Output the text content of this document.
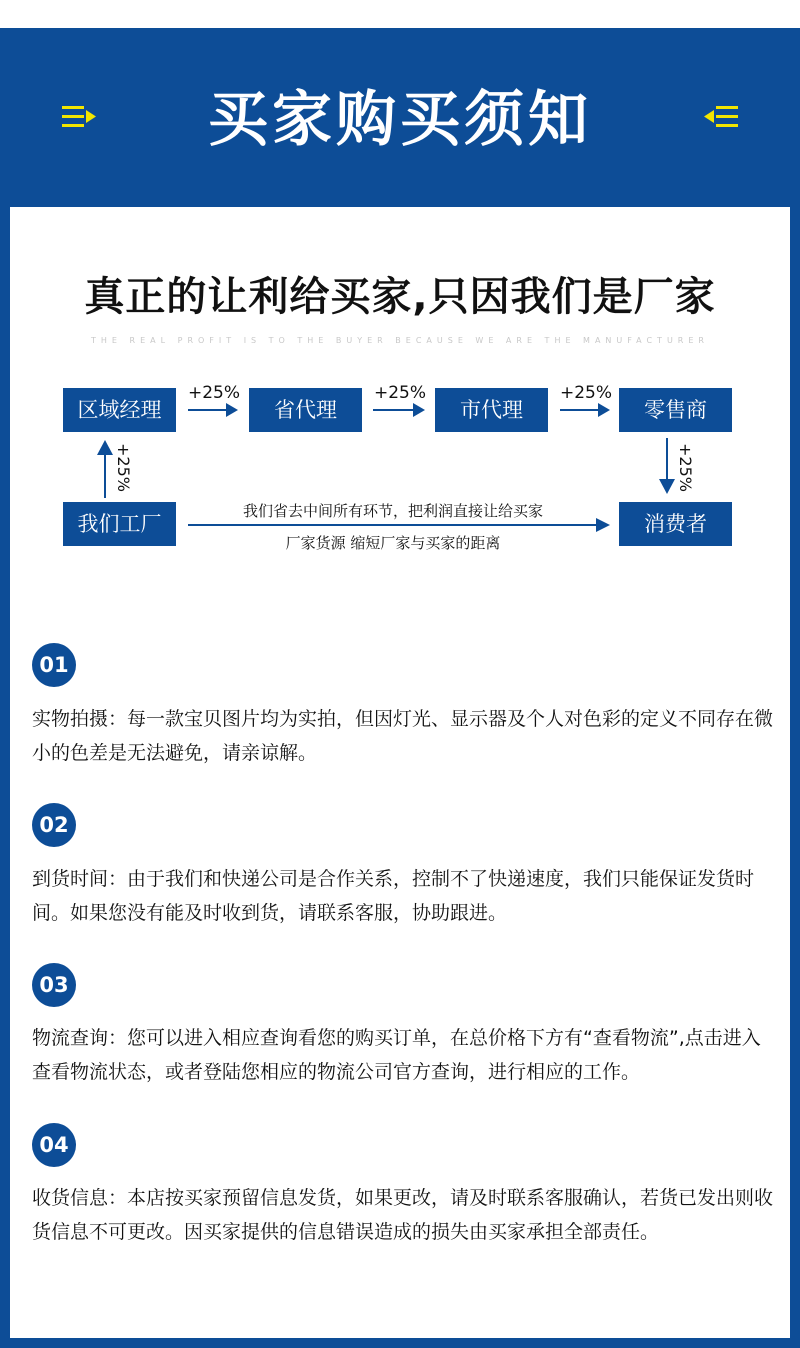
买家购买须知
真正的让利给买家,只因我们是厂家
THE REAL PROFIT IS TO THE BUYER BECAUSE WE ARE THE MANUFACTURER
区域经理	省代理	市代理	零售商
我们工厂	消费者
+25%	+25%	+25%
+25%	+25%
我们省去中间所有环节，把利润直接让给买家
厂家货源 缩短厂家与买家的距离
01
实物拍摄：每一款宝贝图片均为实拍，但因灯光、显示器及个人对色彩的定义不同存在微小的色差是无法避免，请亲谅解。
02
到货时间：由于我们和快递公司是合作关系，控制不了快递速度，我们只能保证发货时间。如果您没有能及时收到货，请联系客服，协助跟进。
03
物流查询：您可以进入相应查询看您的购买订单，在总价格下方有“查看物流”,点击进入查看物流状态，或者登陆您相应的物流公司官方查询，进行相应的工作。
04
收货信息：本店按买家预留信息发货，如果更改，请及时联系客服确认，若货已发出则收货信息不可更改。因买家提供的信息错误造成的损失由买家承担全部责任。
